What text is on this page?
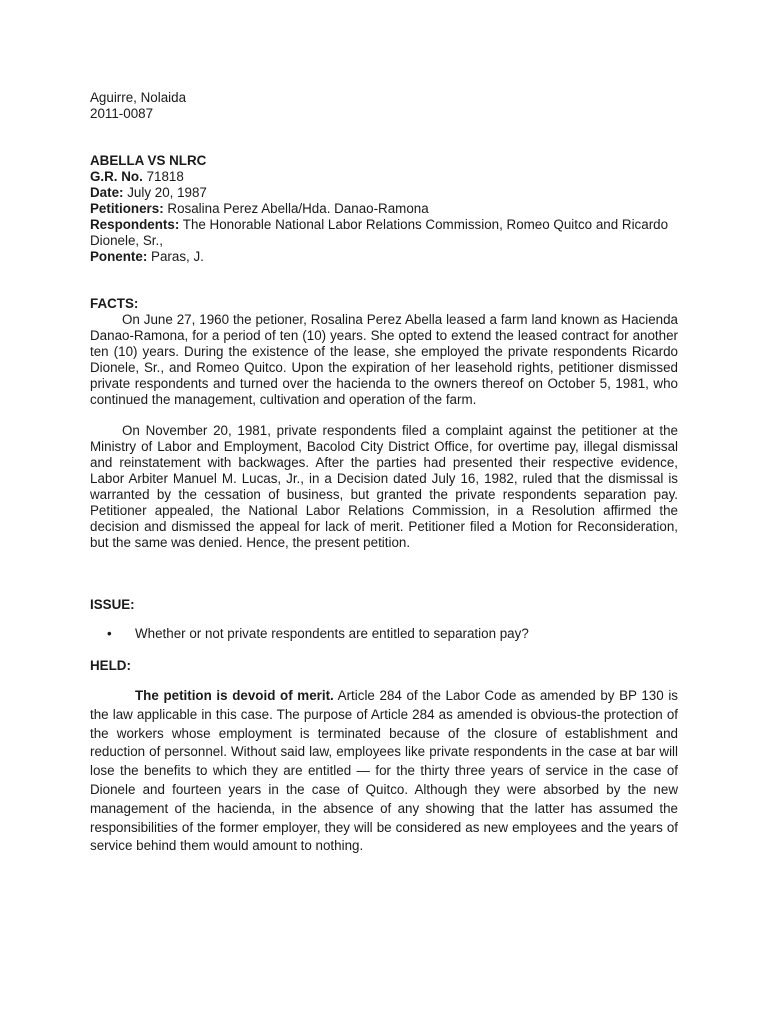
Aguirre, Nolaida
2011-0087
ABELLA VS NLRC
G.R. No. 71818
Date: July 20, 1987
Petitioners: Rosalina Perez Abella/Hda. Danao-Ramona
Respondents: The Honorable National Labor Relations Commission, Romeo Quitco and Ricardo Dionele, Sr.,
Ponente: Paras, J.
FACTS:
On June 27, 1960 the petioner, Rosalina Perez Abella leased a farm land known as Hacienda Danao-Ramona, for a period of ten (10) years. She opted to extend the leased contract for another ten (10) years. During the existence of the lease, she employed the private respondents Ricardo Dionele, Sr., and Romeo Quitco. Upon the expiration of her leasehold rights, petitioner dismissed private respondents and turned over the hacienda to the owners thereof on October 5, 1981, who continued the management, cultivation and operation of the farm.
On November 20, 1981, private respondents filed a complaint against the petitioner at the Ministry of Labor and Employment, Bacolod City District Office, for overtime pay, illegal dismissal and reinstatement with backwages. After the parties had presented their respective evidence, Labor Arbiter Manuel M. Lucas, Jr., in a Decision dated July 16, 1982, ruled that the dismissal is warranted by the cessation of business, but granted the private respondents separation pay. Petitioner appealed, the National Labor Relations Commission, in a Resolution affirmed the decision and dismissed the appeal for lack of merit. Petitioner filed a Motion for Reconsideration, but the same was denied. Hence, the present petition.
ISSUE:
• Whether or not private respondents are entitled to separation pay?
HELD:
The petition is devoid of merit. Article 284 of the Labor Code as amended by BP 130 is the law applicable in this case. The purpose of Article 284 as amended is obvious-the protection of the workers whose employment is terminated because of the closure of establishment and reduction of personnel. Without said law, employees like private respondents in the case at bar will lose the benefits to which they are entitled — for the thirty three years of service in the case of Dionele and fourteen years in the case of Quitco. Although they were absorbed by the new management of the hacienda, in the absence of any showing that the latter has assumed the responsibilities of the former employer, they will be considered as new employees and the years of service behind them would amount to nothing.
